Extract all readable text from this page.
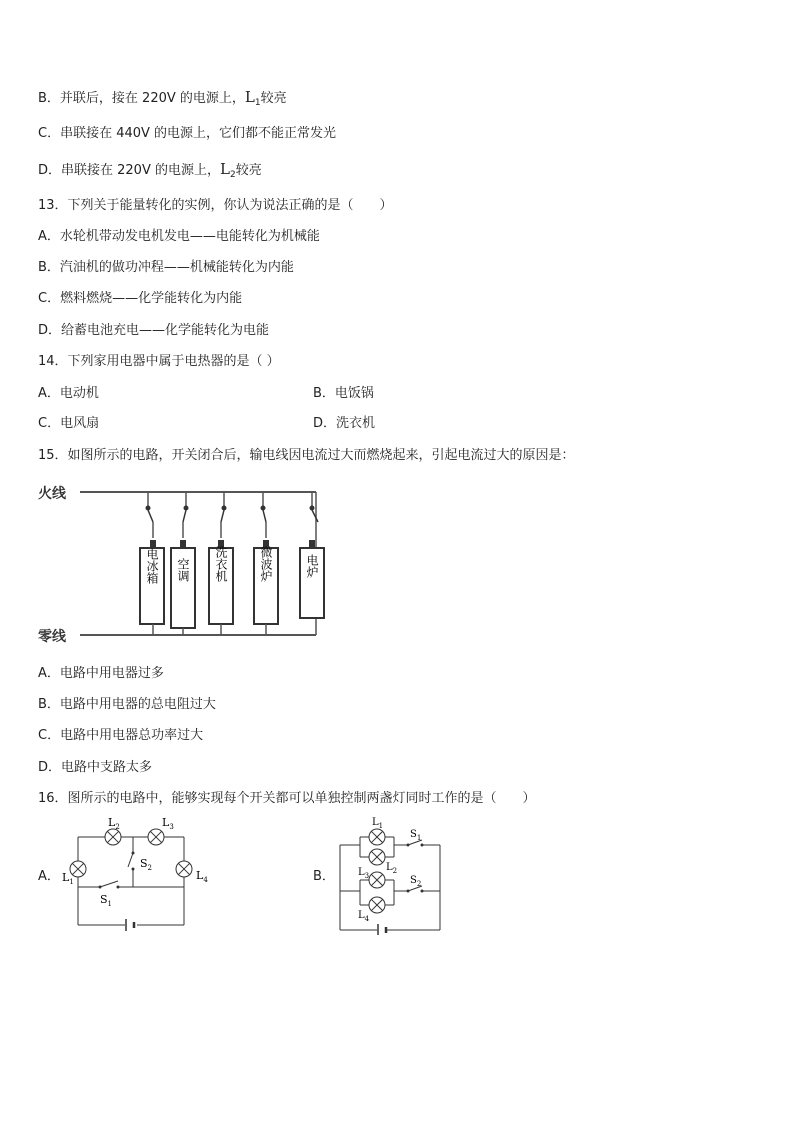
B．并联后，接在 220V 的电源上，$L_1$较亮
C．串联接在 440V 的电源上，它们都不能正常发光
D．串联接在 220V 的电源上，$L_2$较亮
13．下列关于能量转化的实例，你认为说法正确的是（　　）
A．水轮机带动发电机发电——电能转化为机械能
B．汽油机的做功冲程——机械能转化为内能
C．燃料燃烧——化学能转化为内能
D．给蓄电池充电——化学能转化为电能
14．下列家用电器中属于电热器的是（ ）
A．电动机	B．电饭锅
C．电风扇	D．洗衣机
15．如图所示的电路，开关闭合后，输电线因电流过大而燃烧起来，引起电流过大的原因是：
火线
零线
电冰箱 空调 洗衣机	微波炉	电炉
A．电路中用电器过多
B．电路中用电器的总电阻过大
C．电路中用电器总功率过大
D．电路中支路太多
16．图所示的电路中，能够实现每个开关都可以单独控制两盏灯同时工作的是（　　）
A．	B．
$L_2$	$L_3$
$L_1$	$L_4$
$S_1$
$S_2$
$L_1$
$L_2$
$L_3$
$L_4$
$S_1$
$S_2$
